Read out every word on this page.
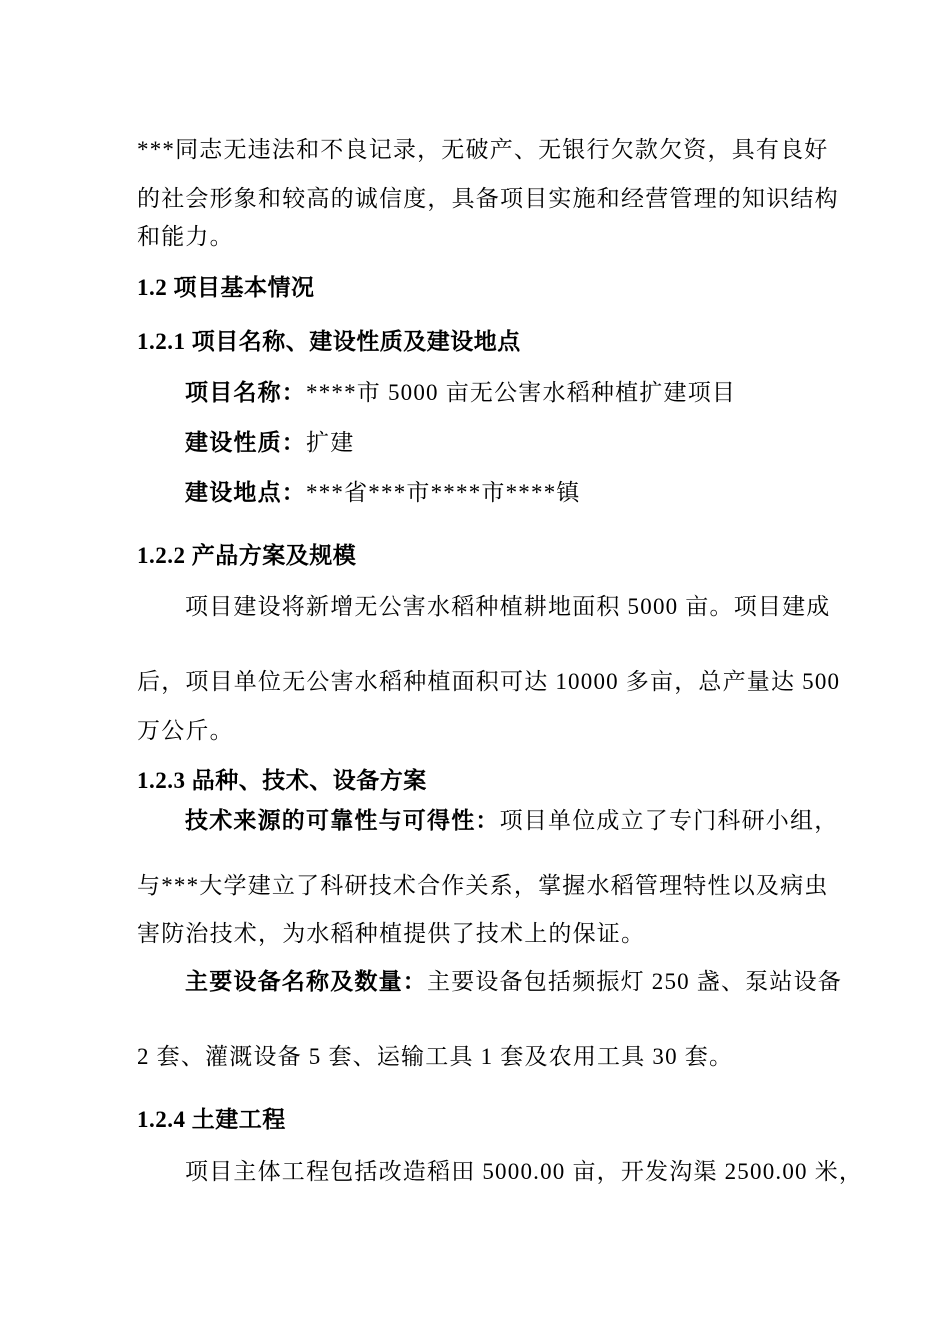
***同志无违法和不良记录，无破产、无银行欠款欠资，具有良好
的社会形象和较高的诚信度，具备项目实施和经营管理的知识结构
和能力。
1.2 项目基本情况
1.2.1 项目名称、建设性质及建设地点
项目名称：****市 5000 亩无公害水稻种植扩建项目
建设性质：扩建
建设地点：***省***市****市****镇
1.2.2 产品方案及规模
项目建设将新增无公害水稻种植耕地面积 5000 亩。项目建成
后，项目单位无公害水稻种植面积可达 10000 多亩，总产量达 500
万公斤。
1.2.3 品种、技术、设备方案
技术来源的可靠性与可得性：项目单位成立了专门科研小组，
与***大学建立了科研技术合作关系，掌握水稻管理特性以及病虫
害防治技术，为水稻种植提供了技术上的保证。
主要设备名称及数量：主要设备包括频振灯 250 盏、泵站设备
2 套、灌溉设备 5 套、运输工具 1 套及农用工具 30 套。
1.2.4 土建工程
项目主体工程包括改造稻田 5000.00 亩，开发沟渠 2500.00 米，
